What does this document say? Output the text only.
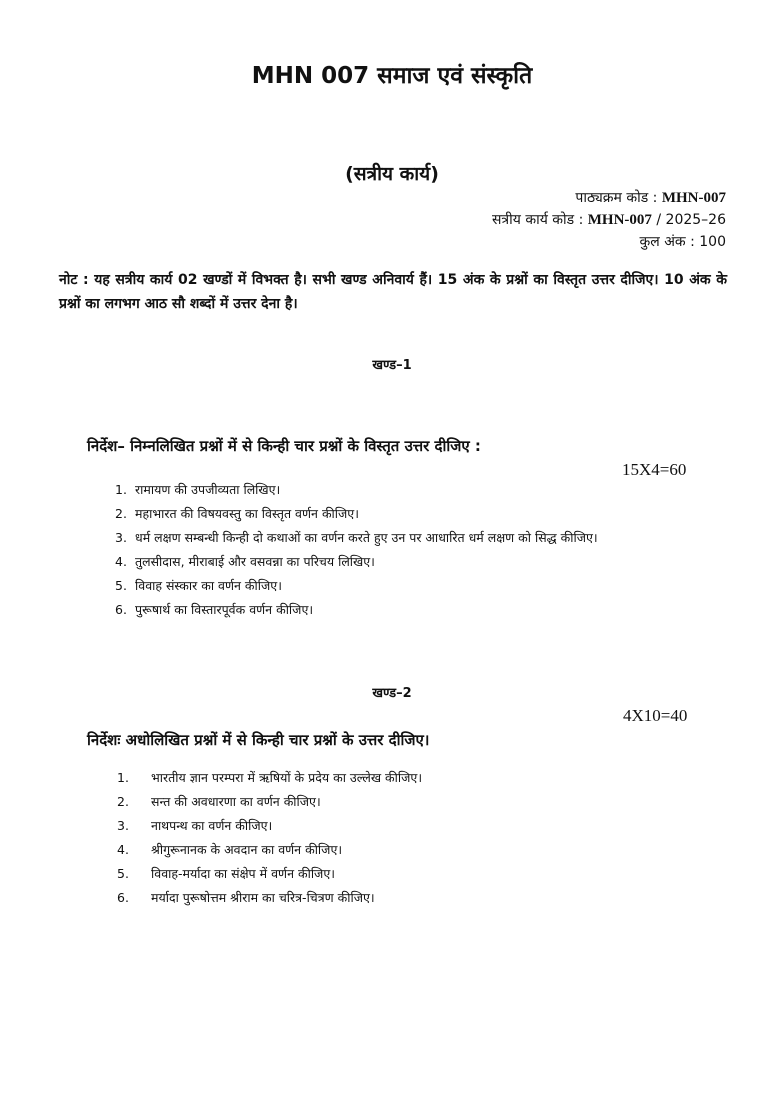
MHN 007 समाज एवं संस्कृति
(सत्रीय कार्य)
पाठ्यक्रम कोड : MHN-007
सत्रीय कार्य कोड : MHN-007 / 2025–26
कुल अंक : 100
नोट : यह सत्रीय कार्य 02 खण्डों में विभक्त है। सभी खण्ड अनिवार्य हैं। 15 अंक के प्रश्नों का विस्तृत उत्तर दीजिए। 10 अंक के प्रश्नों का लगभग आठ सौ शब्दों में उत्तर देना है।
खण्ड–1
निर्देश– निम्नलिखित प्रश्नों में से किन्ही चार प्रश्नों के विस्तृत उत्तर दीजिए :
15X4=60
1. रामायण की उपजीव्यता लिखिए।
2. महाभारत की विषयवस्तु का विस्तृत वर्णन कीजिए।
3. धर्म लक्षण सम्बन्धी किन्ही दो कथाओं का वर्णन करते हुए उन पर आधारित धर्म लक्षण को सिद्ध कीजिए।
4. तुलसीदास, मीराबाई और वसवन्ना का परिचय लिखिए।
5. विवाह संस्कार का वर्णन कीजिए।
6. पुरूषार्थ का विस्तारपूर्वक वर्णन कीजिए।
खण्ड–2
4X10=40
निर्देशः अधोलिखित प्रश्नों में से किन्ही चार प्रश्नों के उत्तर दीजिए।
1. भारतीय ज्ञान परम्परा में ऋषियों के प्रदेय का उल्लेख कीजिए।
2. सन्त की अवधारणा का वर्णन कीजिए।
3. नाथपन्थ का वर्णन कीजिए।
4. श्रीगुरूनानक के अवदान का वर्णन कीजिए।
5. विवाह-मर्यादा का संक्षेप में वर्णन कीजिए।
6. मर्यादा पुरूषोत्तम श्रीराम का चरित्र-चित्रण कीजिए।
